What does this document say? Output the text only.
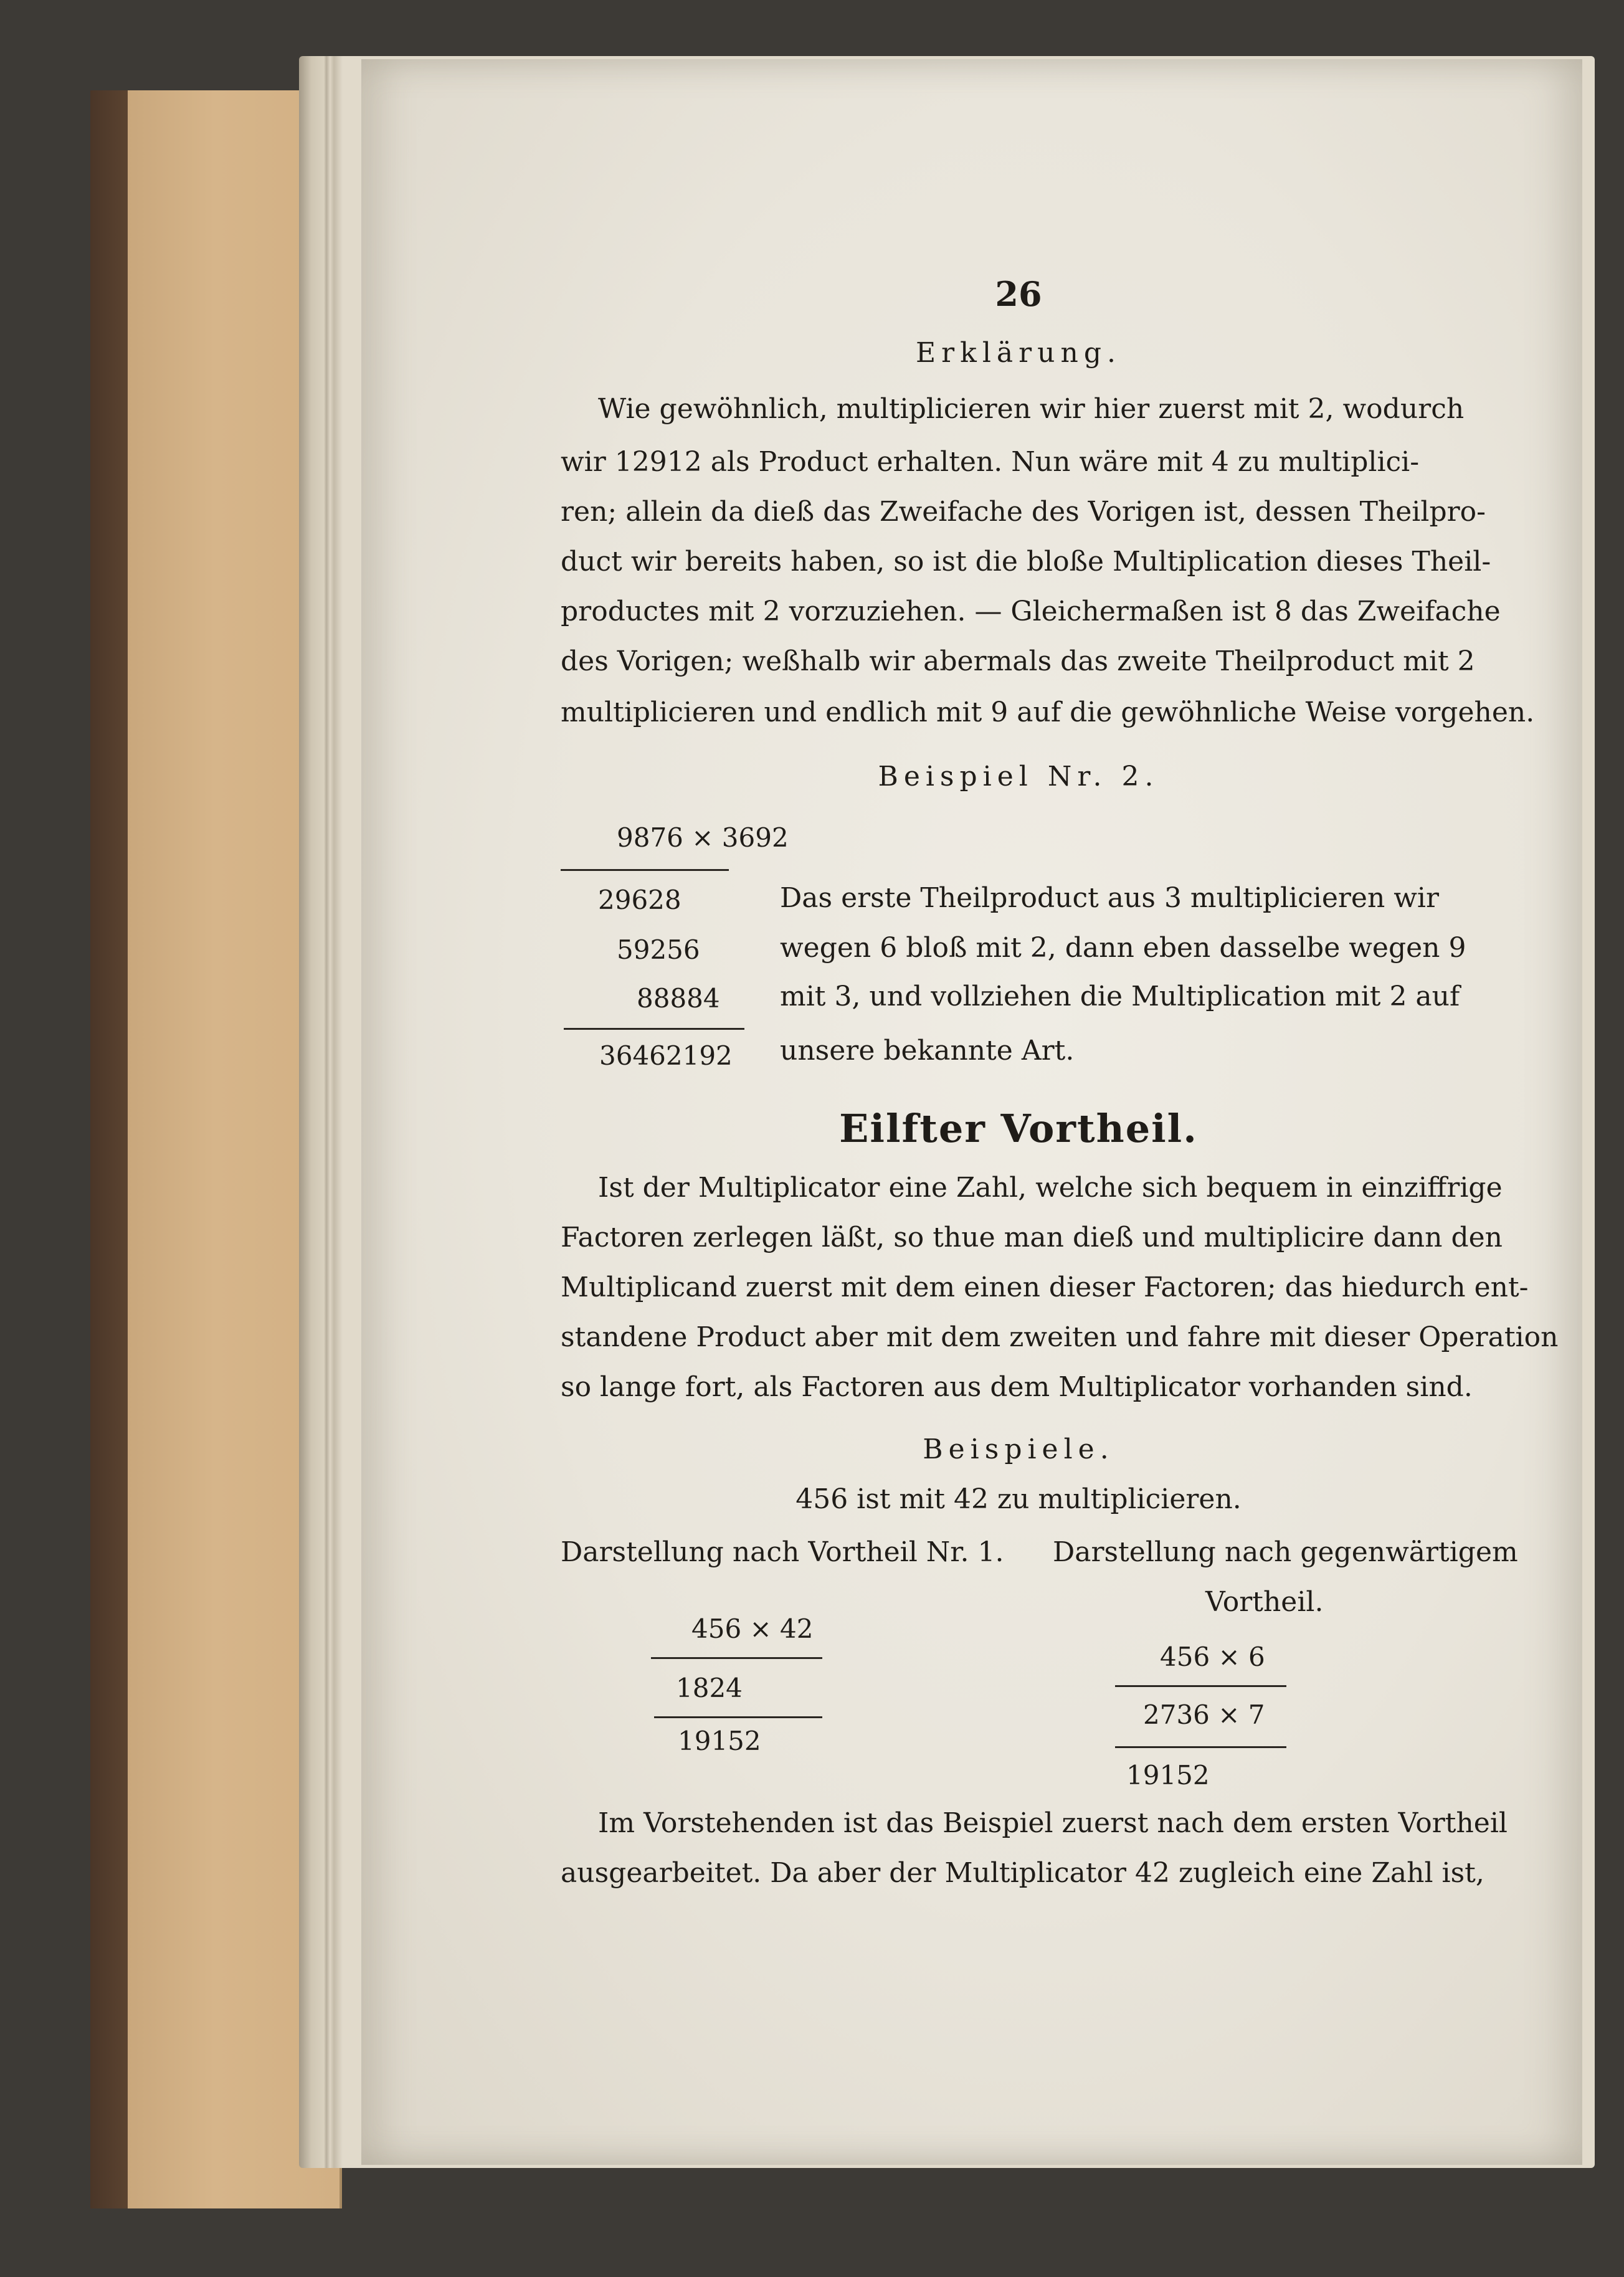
26
Erklärung.
Wie gewöhnlich, multiplicieren wir hier zuerst mit 2, wodurch
wir 12912 als Product erhalten. Nun wäre mit 4 zu multiplici-
ren; allein da dieß das Zweifache des Vorigen ist, dessen Theilpro-
duct wir bereits haben, so ist die bloße Multiplication dieses Theil-
productes mit 2 vorzuziehen. — Gleichermaßen ist 8 das Zweifache
des Vorigen; weßhalb wir abermals das zweite Theilproduct mit 2
multiplicieren und endlich mit 9 auf die gewöhnliche Weise vorgehen.
Beispiel Nr. 2.
9876 × 3692
29628
59256
88884
36462192
Das erste Theilproduct aus 3 multiplicieren wir
wegen 6 bloß mit 2, dann eben dasselbe wegen 9
mit 3, und vollziehen die Multiplication mit 2 auf
unsere bekannte Art.
Eilfter Vortheil.
Ist der Multiplicator eine Zahl, welche sich bequem in einziffrige
Factoren zerlegen läßt, so thue man dieß und multiplicire dann den
Multiplicand zuerst mit dem einen dieser Factoren; das hiedurch ent-
standene Product aber mit dem zweiten und fahre mit dieser Operation
so lange fort, als Factoren aus dem Multiplicator vorhanden sind.
Beispiele.
456 ist mit 42 zu multiplicieren.
Darstellung nach Vortheil Nr. 1. Darstellung nach gegenwärtigem
Vortheil.
456 × 42
1824
19152
456 × 6
2736 × 7
19152
Im Vorstehenden ist das Beispiel zuerst nach dem ersten Vortheil
ausgearbeitet. Da aber der Multiplicator 42 zugleich eine Zahl ist,
